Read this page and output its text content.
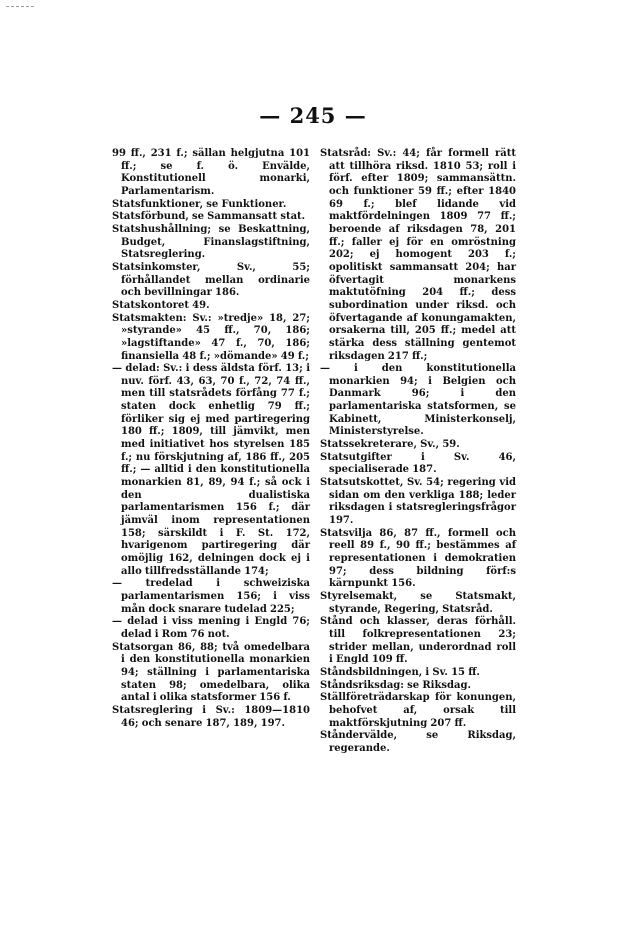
— 245 —

99 ff., 231 f.; sällan helgjutna 101 ff.; se f. ö. Envälde, Konstitutionell monarki, Parlamentarism.

Statsfunktioner, se Funktioner.

Statsförbund, se Sammansatt stat.

Statshushållning; se Beskattning, Budget, Finanslagstiftning, Statsreglering.

Statsinkomster, Sv., 55; förhållandet mellan ordinarie och bevillningar 186.

Statskontoret 49.

Statsmakten: Sv.: »tredje» 18, 27; »styrande» 45 ff., 70, 186; »lagstiftande» 47 f., 70, 186; finansiella 48 f.; »dömande» 49 f.;

— delad: Sv.: i dess äldsta förf. 13; i nuv. förf. 43, 63, 70 f., 72, 74 ff., men till statsrådets förfång 77 f.; staten dock enhetlig 79 ff.; förliker sig ej med partiregering 180 ff.; 1809, till jämvikt, men med initiativet hos styrelsen 185 f.; nu förskjutning af, 186 ff., 205 ff.; — alltid i den konstitutionella monarkien 81, 89, 94 f.; så ock i den dualistiska parlamentarismen 156 f.; där jämväl inom representationen 158; särskildt i F. St. 172, hvarigenom partiregering där omöjlig 162, delningen dock ej i allo tillfredsställande 174;

— tredelad i schweiziska parlamentarismen 156; i viss mån dock snarare tudelad 225;

— delad i viss mening i Engld 76; delad i Rom 76 not.

Statsorgan 86, 88; två omedelbara i den konstitutionella monarkien 94; ställning i parlamentariska staten 98; omedelbara, olika antal i olika statsformer 156 f.

Statsreglering i Sv.: 1809—1810 46; och senare 187, 189, 197.

Statsråd: Sv.: 44; får formell rätt att tillhöra riksd. 1810 53; roll i förf. efter 1809; sammansättn. och funktioner 59 ff.; efter 1840 69 f.; blef lidande vid maktfördelningen 1809 77 ff.; beroende af riksdagen 78, 201 ff.; faller ej för en omröstning 202; ej homogent 203 f.; opolitiskt sammansatt 204; har öfvertagit monarkens maktutöfning 204 ff.; dess subordination under riksd. och öfvertagande af konungamakten, orsakerna till, 205 ff.; medel att stärka dess ställning gentemot riksdagen 217 ff.;

— i den konstitutionella monarkien 94; i Belgien och Danmark 96; i den parlamentariska statsformen, se Kabinett, Ministerkonselj, Ministerstyrelse.

Statssekreterare, Sv., 59.

Statsutgifter i Sv. 46, specialiserade 187.

Statsutskottet, Sv. 54; regering vid sidan om den verkliga 188; leder riksdagen i statsregleringsfrågor 197.

Statsvilja 86, 87 ff., formell och reell 89 f., 90 ff.; bestämmes af representationen i demokratien 97; dess bildning förf:s kärnpunkt 156.

Styrelsemakt, se Statsmakt, styrande, Regering, Statsråd.

Stånd och klasser, deras förhåll. till folkrepresentationen 23; strider mellan, underordnad roll i Engld 109 ff.

Ståndsbildningen, i Sv. 15 ff.

Ståndsriksdag: se Riksdag.

Ställföreträdarskap för konungen, behofvet af, orsak till maktförskjutning 207 ff.

Ståndervälde, se Riksdag, regerande.
